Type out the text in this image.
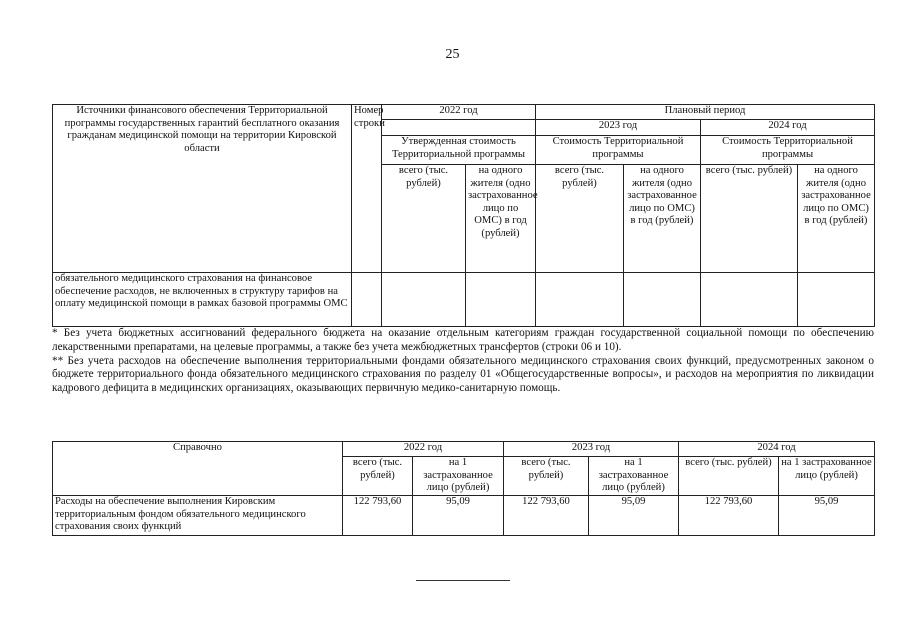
25
Источники финансового обеспечения Территориальной программы государственных гарантий бесплатного оказания гражданам медицинской помощи на территории Кировской области	Номер строки	2022 год		Плановый период			
				2023 год		2024 год	
		Утвержденная стоимость Территориальной программы		Стоимость Территориальной программы		Стоимость Территориальной программы	
		всего (тыс. рублей)	на одного жителя (одно застрахованное лицо по ОМС) в год (рублей)	всего (тыс. рублей)	на одного жителя (одно застрахованное лицо по ОМС) в год (рублей)	всего (тыс. рублей)	на одного жителя (одно застрахованное лицо по ОМС) в год (рублей)
обязательного медицинского страхования на финансовое обеспечение расходов, не включенных в структуру тарифов на оплату медицинской помощи в рамках базовой программы ОМС							

* Без учета бюджетных ассигнований федерального бюджета на оказание отдельным категориям граждан государственной социальной помощи по обеспечению лекарственными препаратами, на целевые программы, а также без учета межбюджетных трансфертов (строки 06 и 10).

** Без учета расходов на обеспечение выполнения территориальными фондами обязательного медицинского страхования своих функций, предусмотренных законом о бюджете территориального фонда обязательного медицинского страхования по разделу 01 «Общегосударственные вопросы», и расходов на мероприятия по ликвидации кадрового дефицита в медицинских организациях, оказывающих первичную медико-санитарную помощь.

Справочно	2022 год		2023 год		2024 год	
	всего (тыс. рублей)	на 1 застрахованное лицо (рублей)	всего (тыс. рублей)	на 1 застрахованное лицо (рублей)	всего (тыс. рублей)	на 1 застрахованное лицо (рублей)
Расходы на обеспечение выполнения Кировским территориальным фондом обязательного медицинского страхования своих функций	122 793,60	95,09	122 793,60	95,09	122 793,60	95,09
